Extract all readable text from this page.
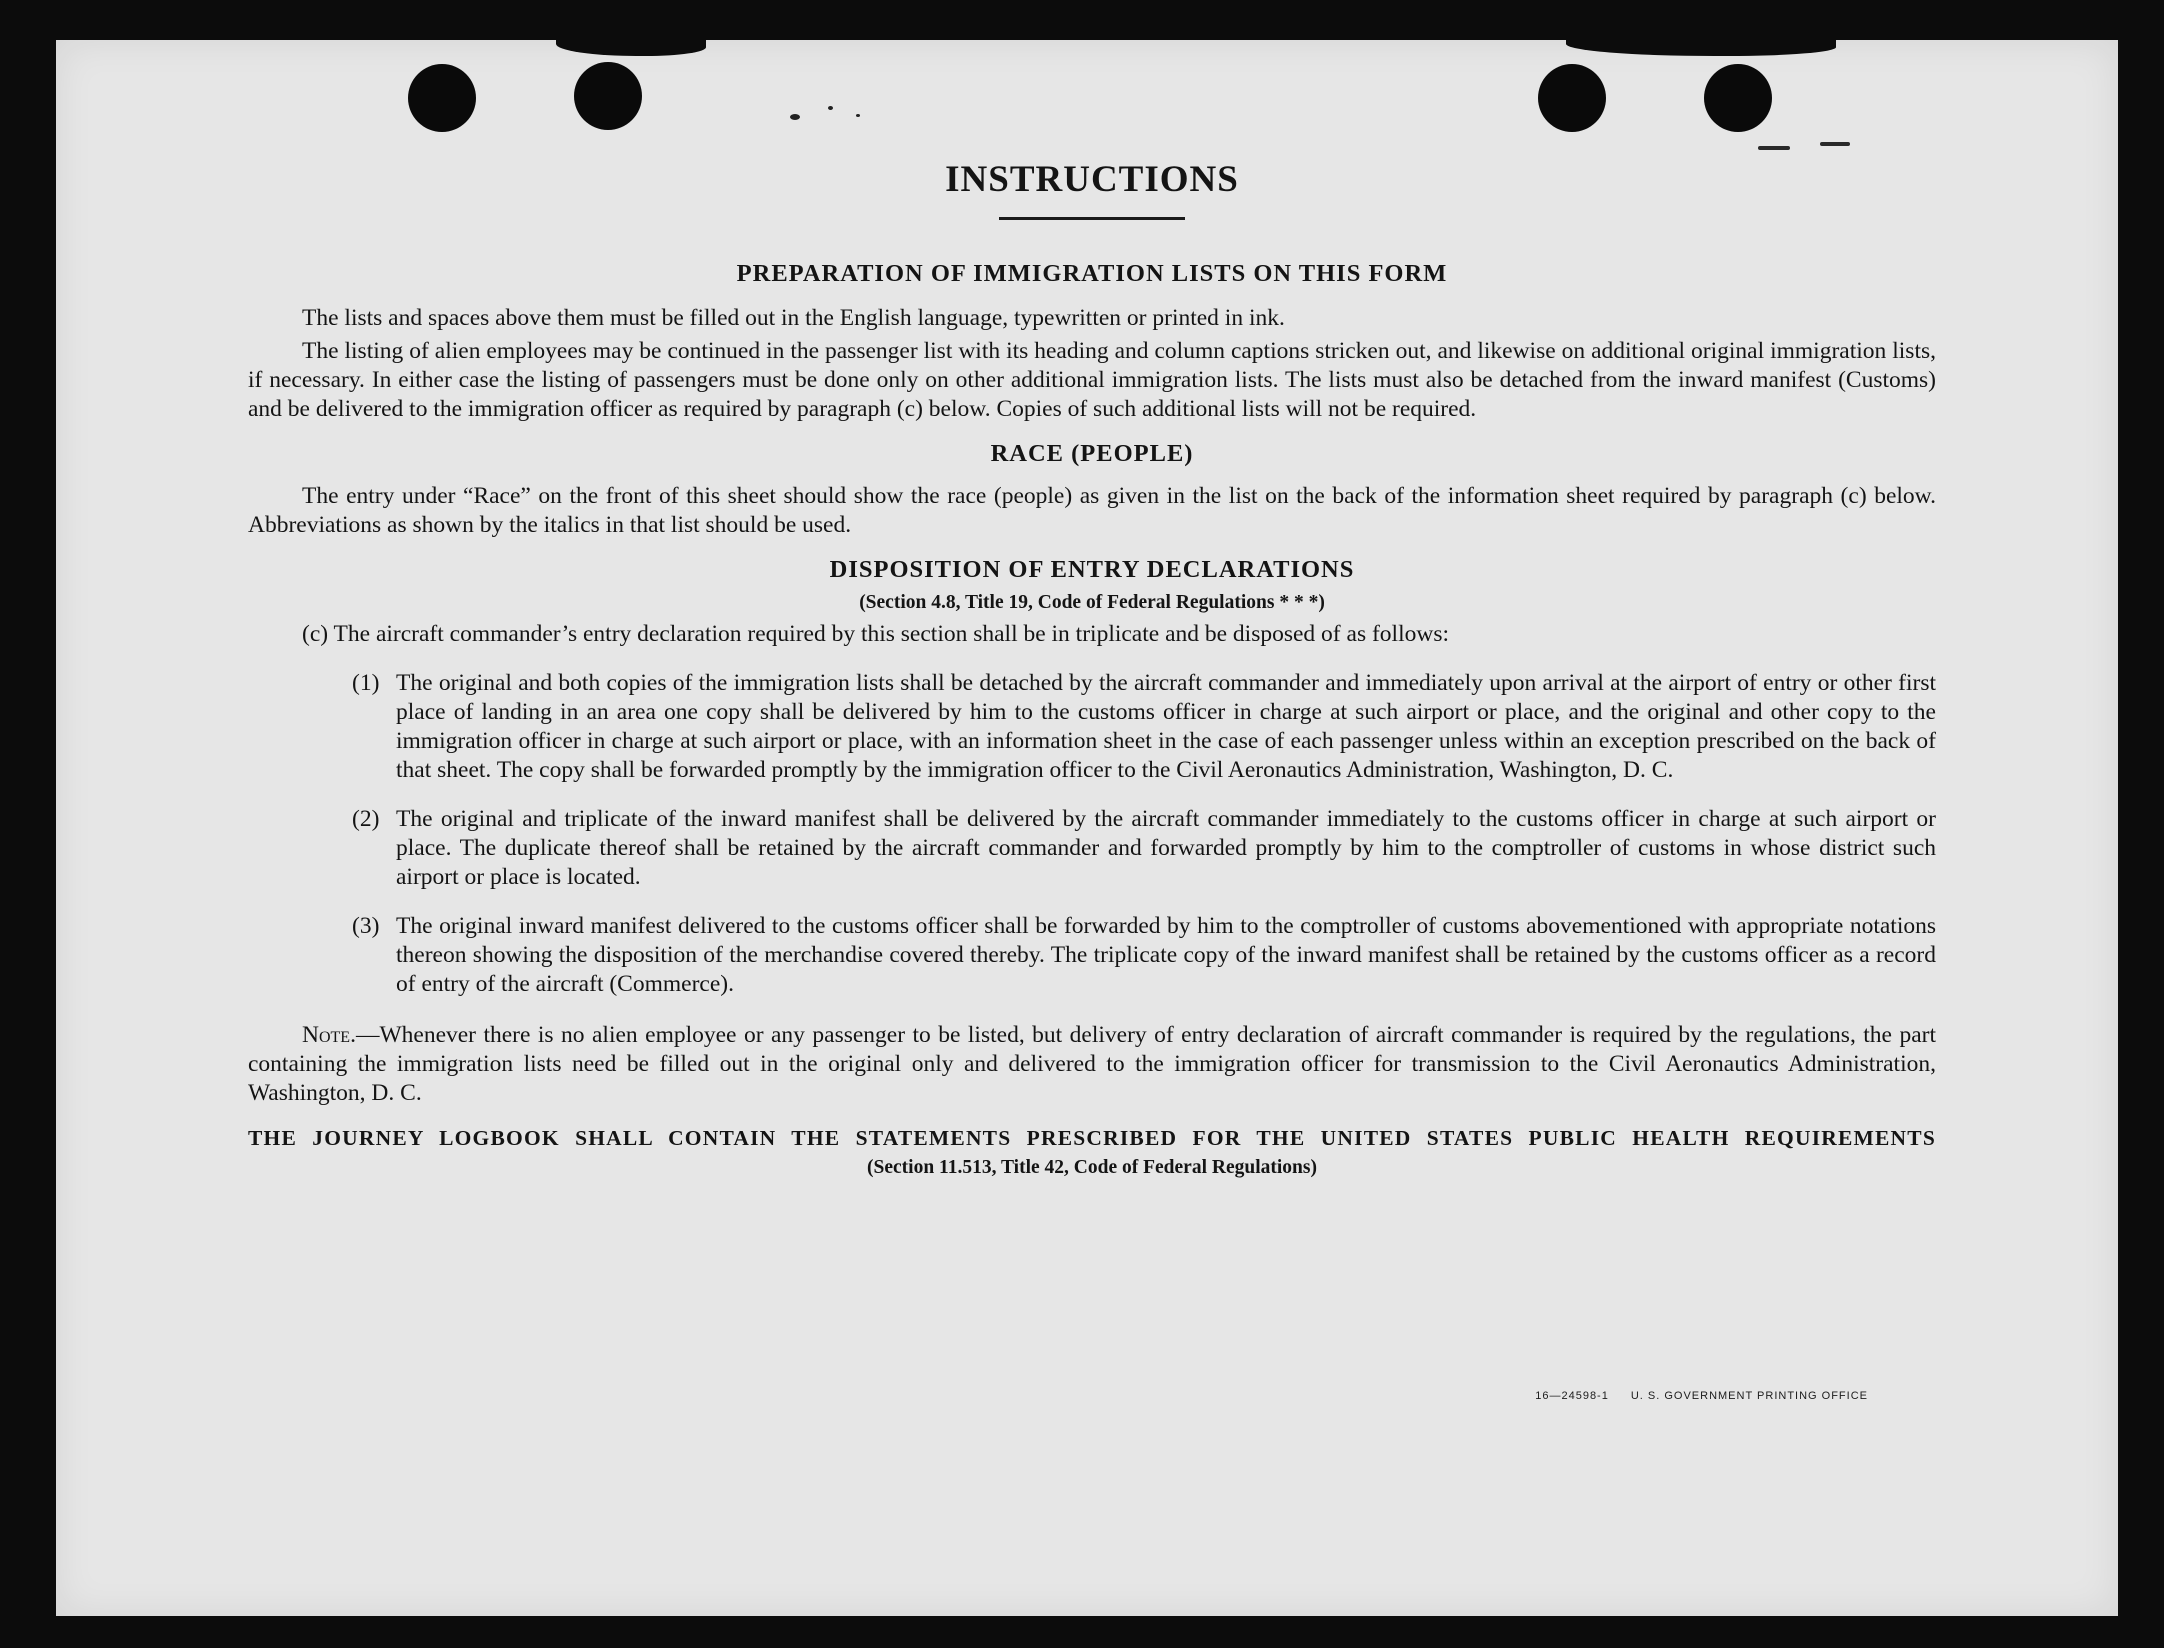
INSTRUCTIONS
PREPARATION OF IMMIGRATION LISTS ON THIS FORM

The lists and spaces above them must be filled out in the English language, typewritten or printed in ink.

The listing of alien employees may be continued in the passenger list with its heading and column captions stricken out, and likewise on additional original immigration lists, if necessary. In either case the listing of passengers must be done only on other additional immigration lists. The lists must also be detached from the inward manifest (Customs) and be delivered to the immigration officer as required by paragraph (c) below. Copies of such additional lists will not be required.

RACE (PEOPLE)

The entry under “Race” on the front of this sheet should show the race (people) as given in the list on the back of the information sheet required by paragraph (c) below. Abbreviations as shown by the italics in that list should be used.

DISPOSITION OF ENTRY DECLARATIONS

(Section 4.8, Title 19, Code of Federal Regulations * * *)

(c) The aircraft commander’s entry declaration required by this section shall be in triplicate and be disposed of as follows:

(1) The original and both copies of the immigration lists shall be detached by the aircraft commander and immediately upon arrival at the airport of entry or other first place of landing in an area one copy shall be delivered by him to the customs officer in charge at such airport or place, and the original and other copy to the immigration officer in charge at such airport or place, with an information sheet in the case of each passenger unless within an exception prescribed on the back of that sheet. The copy shall be forwarded promptly by the immigration officer to the Civil Aeronautics Administration, Washington, D. C.

(2) The original and triplicate of the inward manifest shall be delivered by the aircraft commander immediately to the customs officer in charge at such airport or place. The duplicate thereof shall be retained by the aircraft commander and forwarded promptly by him to the comptroller of customs in whose district such airport or place is located.

(3) The original inward manifest delivered to the customs officer shall be forwarded by him to the comptroller of customs abovementioned with appropriate notations thereon showing the disposition of the merchandise covered thereby. The triplicate copy of the inward manifest shall be retained by the customs officer as a record of entry of the aircraft (Commerce).

Note.—Whenever there is no alien employee or any passenger to be listed, but delivery of entry declaration of aircraft commander is required by the regulations, the part containing the immigration lists need be filled out in the original only and delivered to the immigration officer for transmission to the Civil Aeronautics Administration, Washington, D. C.

THE JOURNEY LOGBOOK SHALL CONTAIN THE STATEMENTS PRESCRIBED FOR THE UNITED STATES PUBLIC HEALTH REQUIREMENTS

(Section 11.513, Title 42, Code of Federal Regulations)

16—24598-1 U. S. GOVERNMENT PRINTING OFFICE
